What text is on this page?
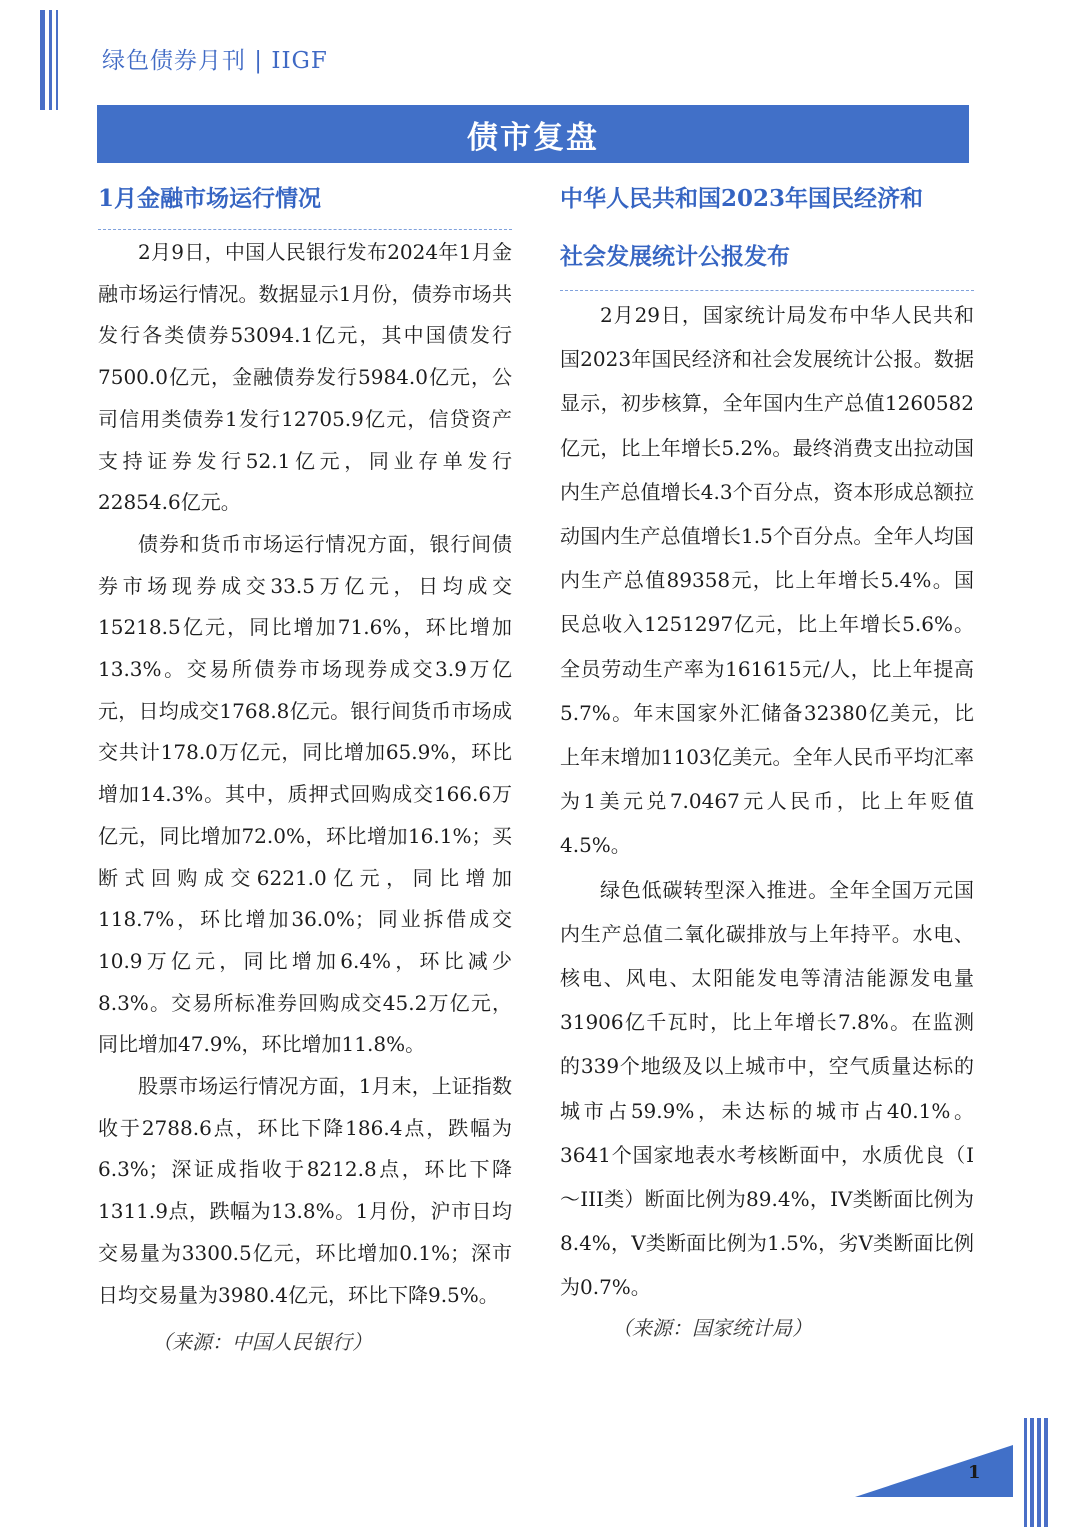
绿色债券月刊 | IIGF
债市复盘
1月金融市场运行情况

2月9日，中国人民银行发布2024年1月金融市场运行情况。数据显示1月份，债券市场共发行各类债券53094.1亿元，其中国债发行7500.0亿元，金融债券发行5984.0亿元，公司信用类债券1发行12705.9亿元，信贷资产支持证券发行52.1亿元，同业存单发行22854.6亿元。

债券和货币市场运行情况方面，银行间债券市场现券成交33.5万亿元，日均成交15218.5亿元，同比增加71.6%，环比增加13.3%。交易所债券市场现券成交3.9万亿元，日均成交1768.8亿元。银行间货币市场成交共计178.0万亿元，同比增加65.9%，环比增加14.3%。其中，质押式回购成交166.6万亿元，同比增加72.0%，环比增加16.1%；买断式回购成交6221.0亿元，同比增加118.7%，环比增加36.0%；同业拆借成交10.9万亿元，同比增加6.4%，环比减少8.3%。交易所标准券回购成交45.2万亿元，同比增加47.9%，环比增加11.8%。

股票市场运行情况方面，1月末，上证指数收于2788.6点，环比下降186.4点，跌幅为6.3%；深证成指收于8212.8点，环比下降1311.9点，跌幅为13.8%。1月份，沪市日均交易量为3300.5亿元，环比增加0.1%；深市日均交易量为3980.4亿元，环比下降9.5%。

（来源：中国人民银行）
中华人民共和国2023年国民经济和
社会发展统计公报发布

2月29日，国家统计局发布中华人民共和国2023年国民经济和社会发展统计公报。数据显示，初步核算，全年国内生产总值1260582亿元，比上年增长5.2%。最终消费支出拉动国内生产总值增长4.3个百分点，资本形成总额拉动国内生产总值增长1.5个百分点。全年人均国内生产总值89358元，比上年增长5.4%。国民总收入1251297亿元，比上年增长5.6%。全员劳动生产率为161615元/人，比上年提高5.7%。年末国家外汇储备32380亿美元，比上年末增加1103亿美元。全年人民币平均汇率为1美元兑7.0467元人民币，比上年贬值4.5%。

绿色低碳转型深入推进。全年全国万元国内生产总值二氧化碳排放与上年持平。水电、核电、风电、太阳能发电等清洁能源发电量31906亿千瓦时，比上年增长7.8%。在监测的339个地级及以上城市中，空气质量达标的城市占59.9%，未达标的城市占40.1%。3641个国家地表水考核断面中，水质优良（I～III类）断面比例为89.4%，IV类断面比例为8.4%，V类断面比例为1.5%，劣V类断面比例为0.7%。

（来源：国家统计局）
1
